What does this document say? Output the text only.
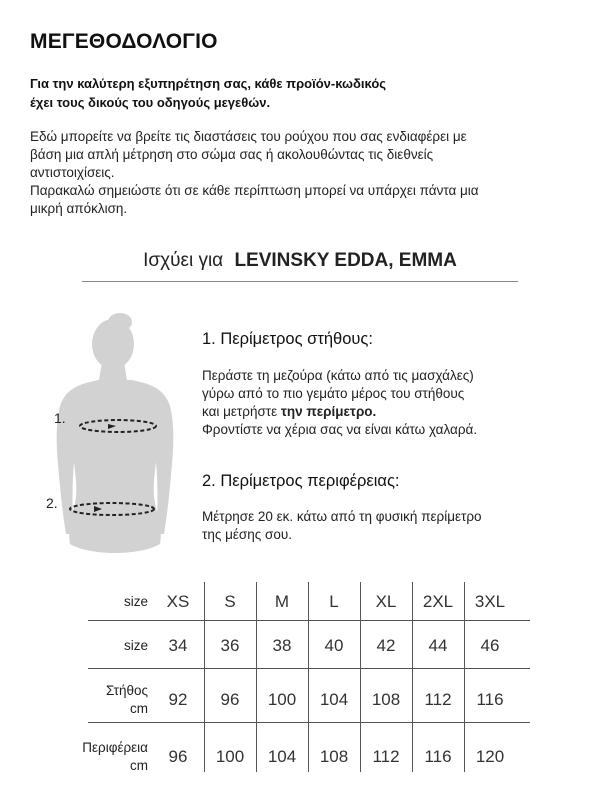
ΜΕΓΕΘΟΔΟΛΟΓΙΟ
Για την καλύτερη εξυπηρέτηση σας, κάθε προϊόν-κωδικός
έχει τους δικούς του οδηγούς μεγεθών.
Εδώ μπορείτε να βρείτε τις διαστάσεις του ρούχου που σας ενδιαφέρει με
βάση μια απλή μέτρηση στο σώμα σας ή ακολουθώντας τις διεθνείς
αντιστοιχίσεις.
Παρακαλώ σημειώστε ότι σε κάθε περίπτωση μπορεί να υπάρχει πάντα μια
μικρή απόκλιση.
Ισχύει για LEVINSKY EDDA, EMMA
1.
2.
1. Περίμετρος στήθους:
Περάστε τη μεζούρα (κάτω από τις μασχάλες)
γύρω από το πιο γεμάτο μέρος του στήθους
και μετρήστε την περίμετρο.
Φροντίστε να χέρια σας να είναι κάτω χαλαρά.
2. Περίμετρος περιφέρειας:
Μέτρησε 20 εκ. κάτω από τη φυσική περίμετρο
της μέσης σου.
size	XS	S	M	L	XL	2XL	3XL
size	34	36	38	40	42	44	46
Στήθος
cm	92	96	100	104	108	112	116
Περιφέρεια
cm	96	100	104	108	112	116	120
